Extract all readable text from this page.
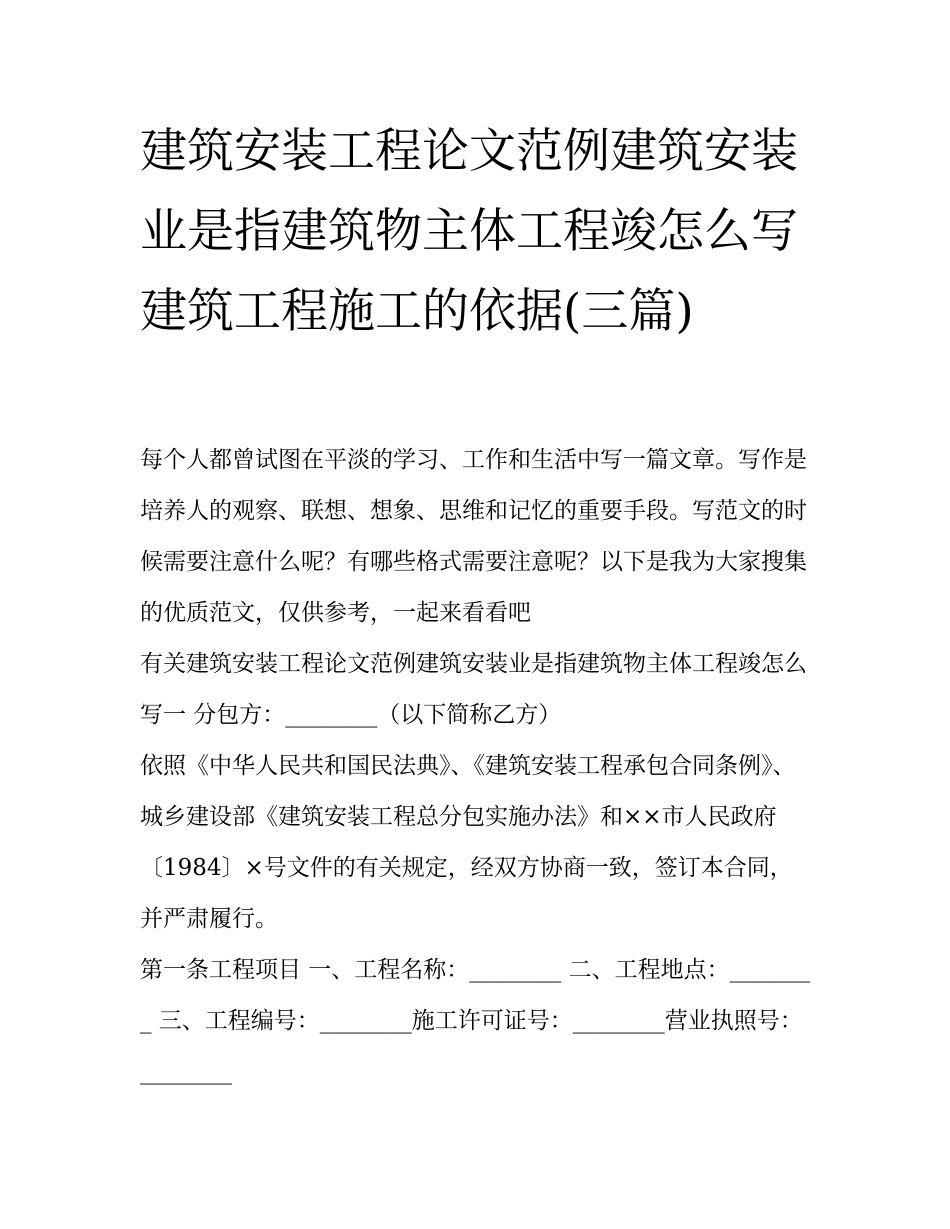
建筑安装工程论文范例建筑安装业是指建筑物主体工程竣怎么写 建筑工程施工的依据(三篇)

每个人都曾试图在平淡的学习、工作和生活中写一篇文章。写作是培养人的观察、联想、想象、思维和记忆的重要手段。写范文的时候需要注意什么呢？有哪些格式需要注意呢？以下是我为大家搜集的优质范文，仅供参考，一起来看看吧

有关建筑安装工程论文范例建筑安装业是指建筑物主体工程竣怎么写一 分包方：________（以下简称乙方）

依照《中华人民共和国民法典》、《建筑安装工程承包合同条例》、城乡建设部《建筑安装工程总分包实施办法》和××市人民政府〔1984〕×号文件的有关规定，经双方协商一致，签订本合同，并严肃履行。

第一条工程项目 一、工程名称：________ 二、工程地点：________ 三、工程编号：________施工许可证号：________营业执照号：________
